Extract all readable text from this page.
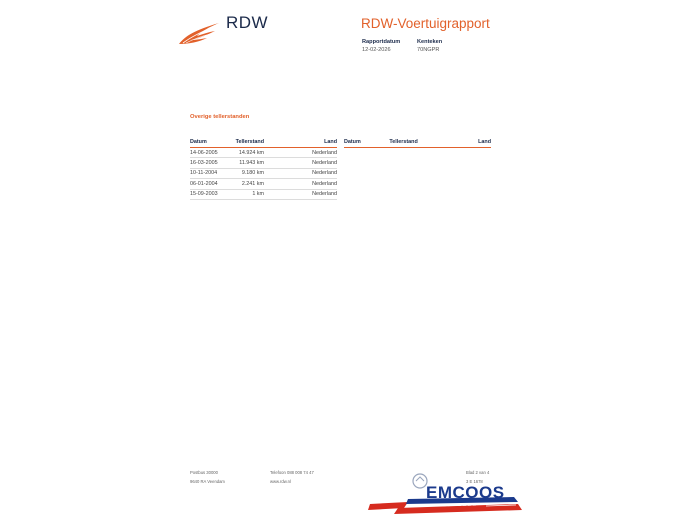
RDW	RDW-Voertuigrapport
Rapportdatum
12-02-2026
Kenteken
70NGPR
Overige tellerstanden
Datum	Tellerstand	Land
14-06-2005	14.924 km	Nederland
16-03-2005	11.943 km	Nederland
10-11-2004	9.180 km	Nederland
06-01-2004	2.241 km	Nederland
15-09-2003	1 km	Nederland
Datum	Tellerstand	Land
Postbus 30000
9640 RA Veendam
Telefoon 088 008 74 47
www.rdw.nl
Blad 2 van 4
3 E 1678
EMCOOS
